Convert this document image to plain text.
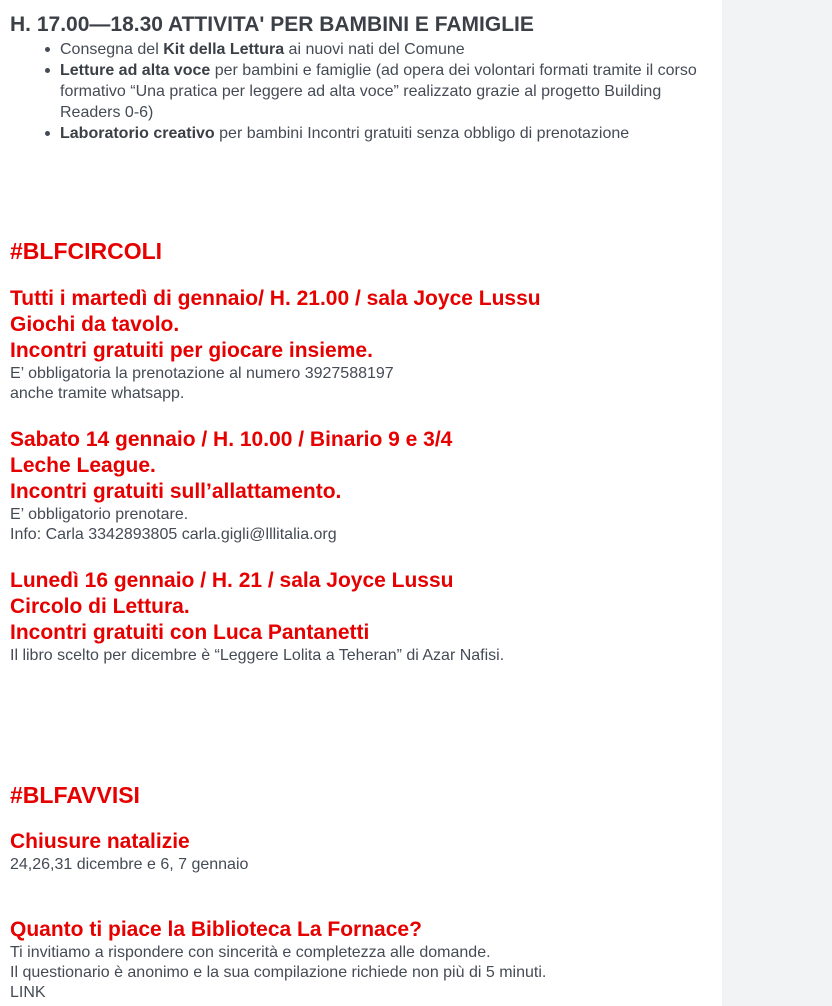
H. 17.00—18.30 ATTIVITA' PER BAMBINI E FAMIGLIE
Consegna del Kit della Lettura ai nuovi nati del Comune
Letture ad alta voce per bambini e famiglie (ad opera dei volontari formati tramite il corso formativo “Una pratica per leggere ad alta voce” realizzato grazie al progetto Building Readers 0-6)
Laboratorio creativo per bambini Incontri gratuiti senza obbligo di prenotazione
#BLFCIRCOLI
Tutti i martedì di gennaio/ H. 21.00 / sala Joyce Lussu
Giochi da tavolo.
Incontri gratuiti per giocare insieme.
E’ obbligatoria la prenotazione al numero 3927588197
anche tramite whatsapp.
Sabato 14 gennaio / H. 10.00 / Binario 9 e 3/4
Leche League.
Incontri gratuiti sull’allattamento.
E’ obbligatorio prenotare.
Info: Carla 3342893805 carla.gigli@lllitalia.org
Lunedì 16 gennaio / H. 21 / sala Joyce Lussu
Circolo di Lettura.
Incontri gratuiti con Luca Pantanetti
Il libro scelto per dicembre è “Leggere Lolita a Teheran” di Azar Nafisi.
#BLFAVVISI
Chiusure natalizie
24,26,31 dicembre e 6, 7 gennaio
Quanto ti piace la Biblioteca La Fornace?
Ti invitiamo a rispondere con sincerità e completezza alle domande.
Il questionario è anonimo e la sua compilazione richiede non più di 5 minuti.
LINK
